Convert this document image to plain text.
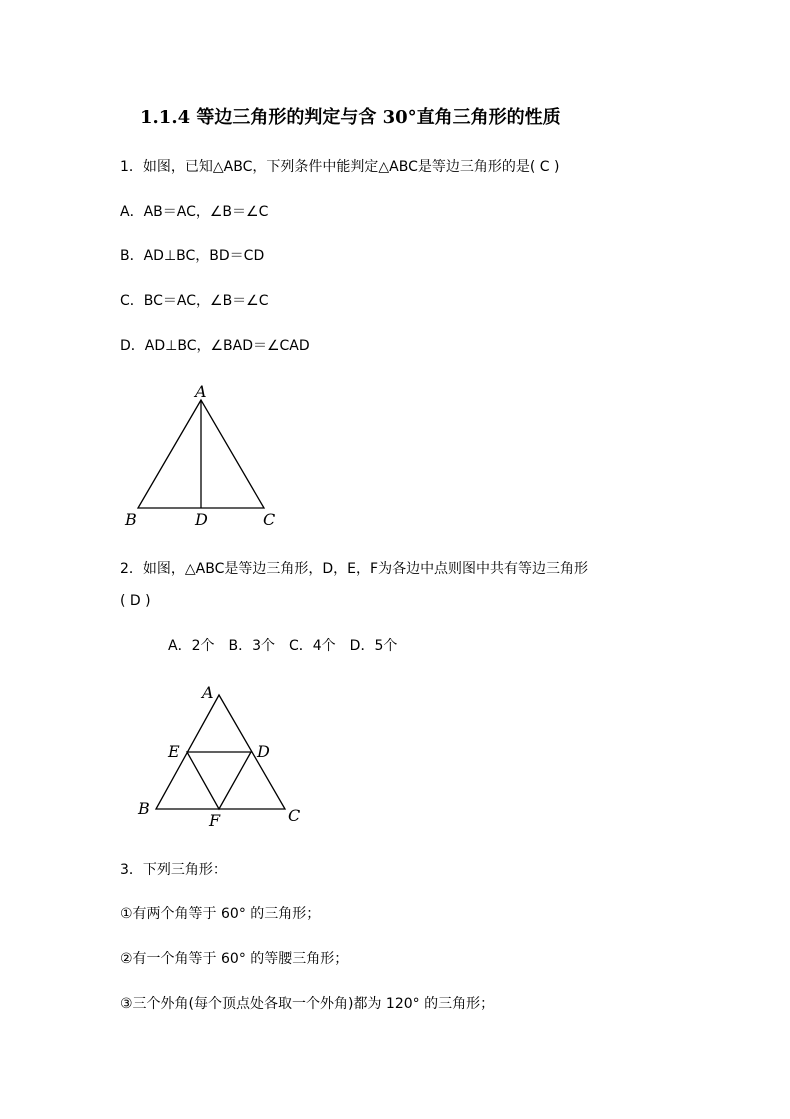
1.1.4 等边三角形的判定与含 30°直角三角形的性质
1．如图，已知△ABC，下列条件中能判定△ABC是等边三角形的是( C )
A．AB＝AC，∠B＝∠C
B．AD⊥BC，BD＝CD
C．BC＝AC，∠B＝∠C
D．AD⊥BC，∠BAD＝∠CAD
A
B	D	C
2．如图，△ABC是等边三角形，D，E，F为各边中点则图中共有等边三角形
( D )
A．2个　B．3个　C．4个　D．5个
A
E	D
B
F	C
3．下列三角形：
①有两个角等于 60° 的三角形；
②有一个角等于 60° 的等腰三角形；
③三个外角(每个顶点处各取一个外角)都为 120° 的三角形；
